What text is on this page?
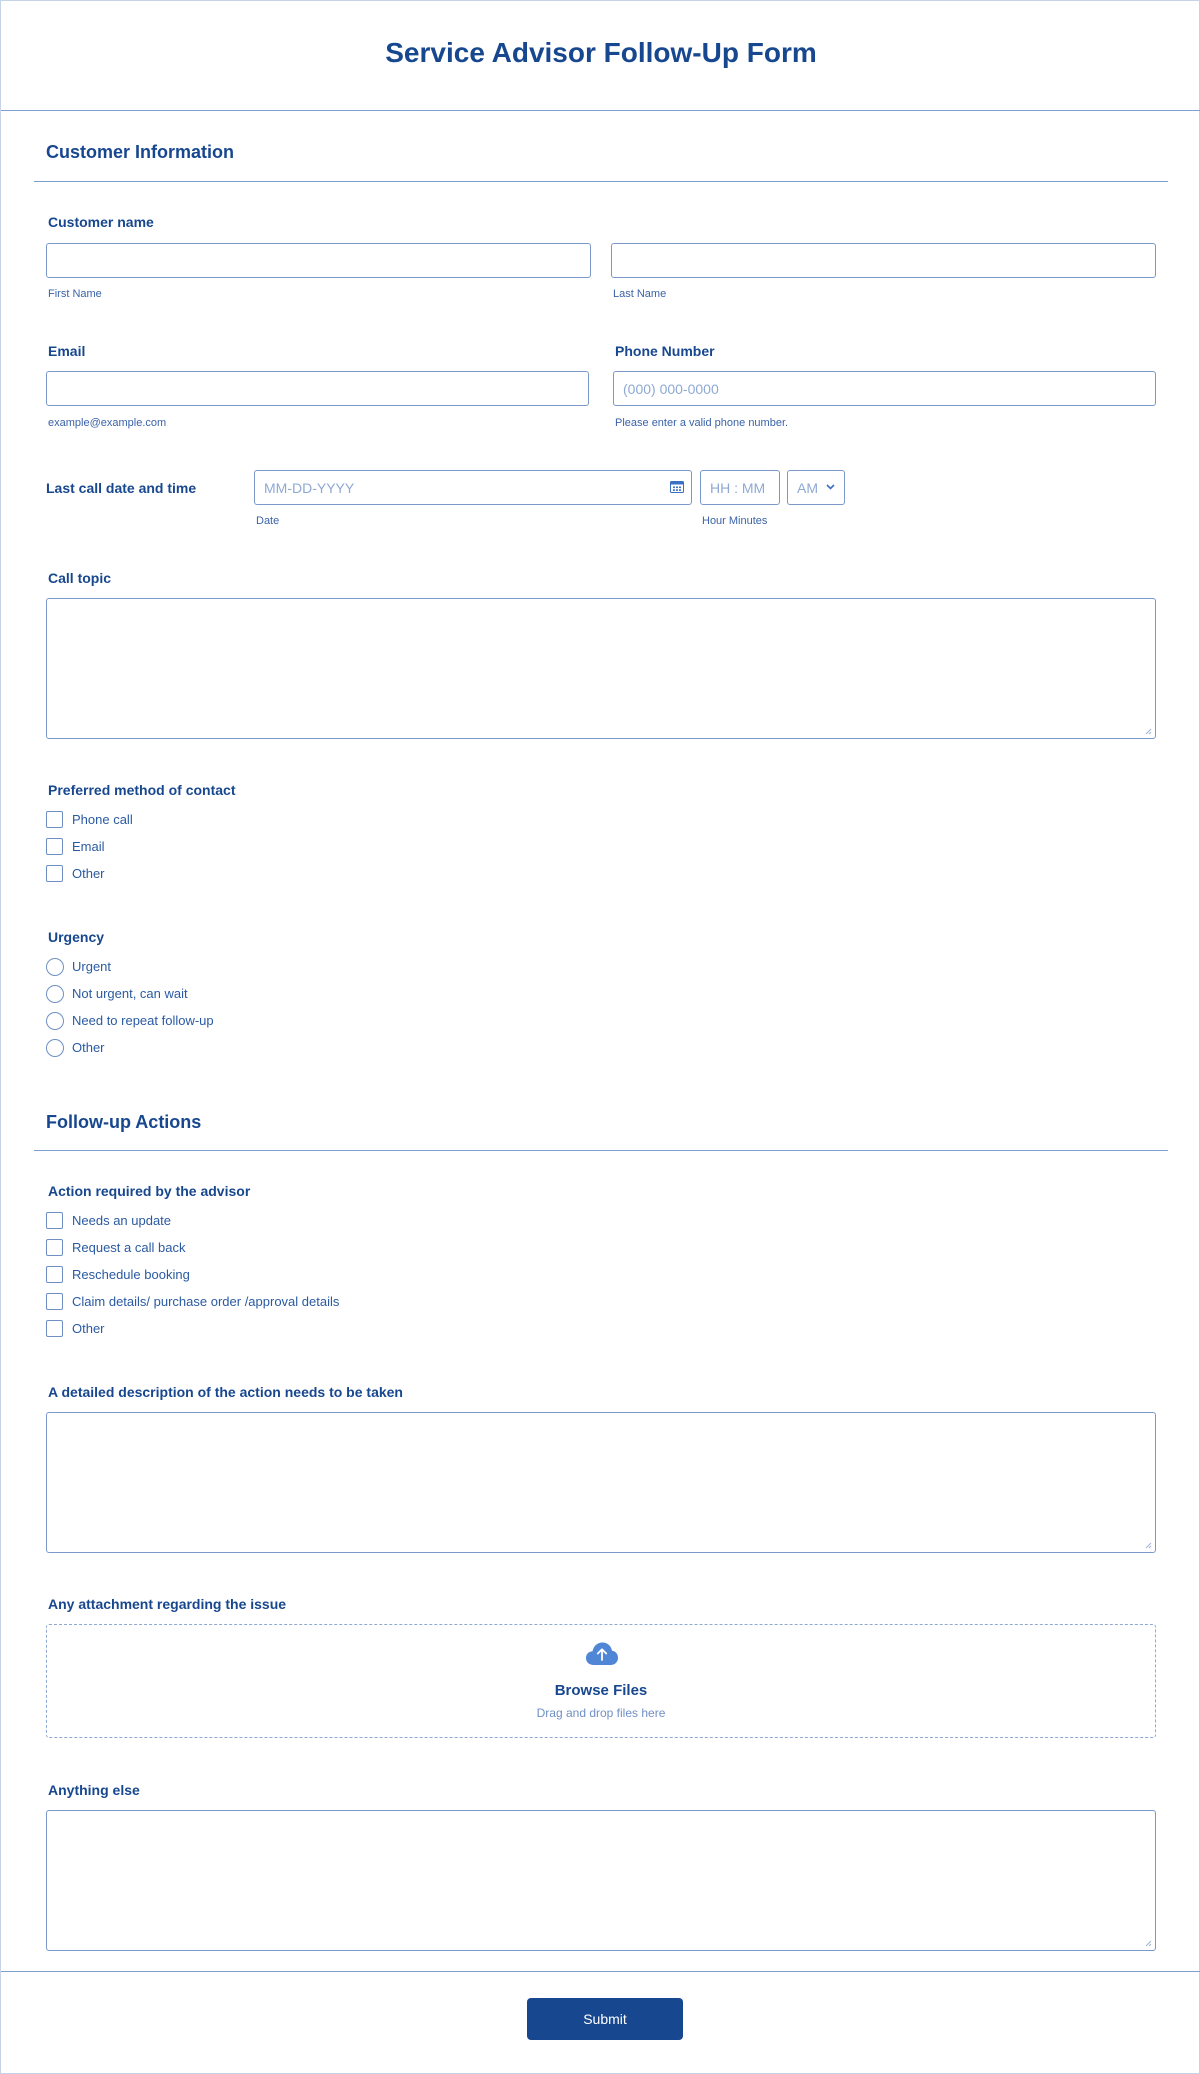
Service Advisor Follow-Up Form
Customer Information
Customer name
First Name	Last Name
Email
example@example.com
Phone Number
(000) 000-0000
Please enter a valid phone number.
Last call date and time
MM-DD-YYYY
HH : MM	AM
Date	Hour Minutes
Call topic
Preferred method of contact
Phone call
Email
Other
Urgency
Urgent
Not urgent, can wait
Need to repeat follow-up
Other
Follow-up Actions
Action required by the advisor
Needs an update
Request a call back
Reschedule booking
Claim details/ purchase order /approval details
Other
A detailed description of the action needs to be taken
Any attachment regarding the issue
Browse Files
Drag and drop files here
Anything else
Submit
